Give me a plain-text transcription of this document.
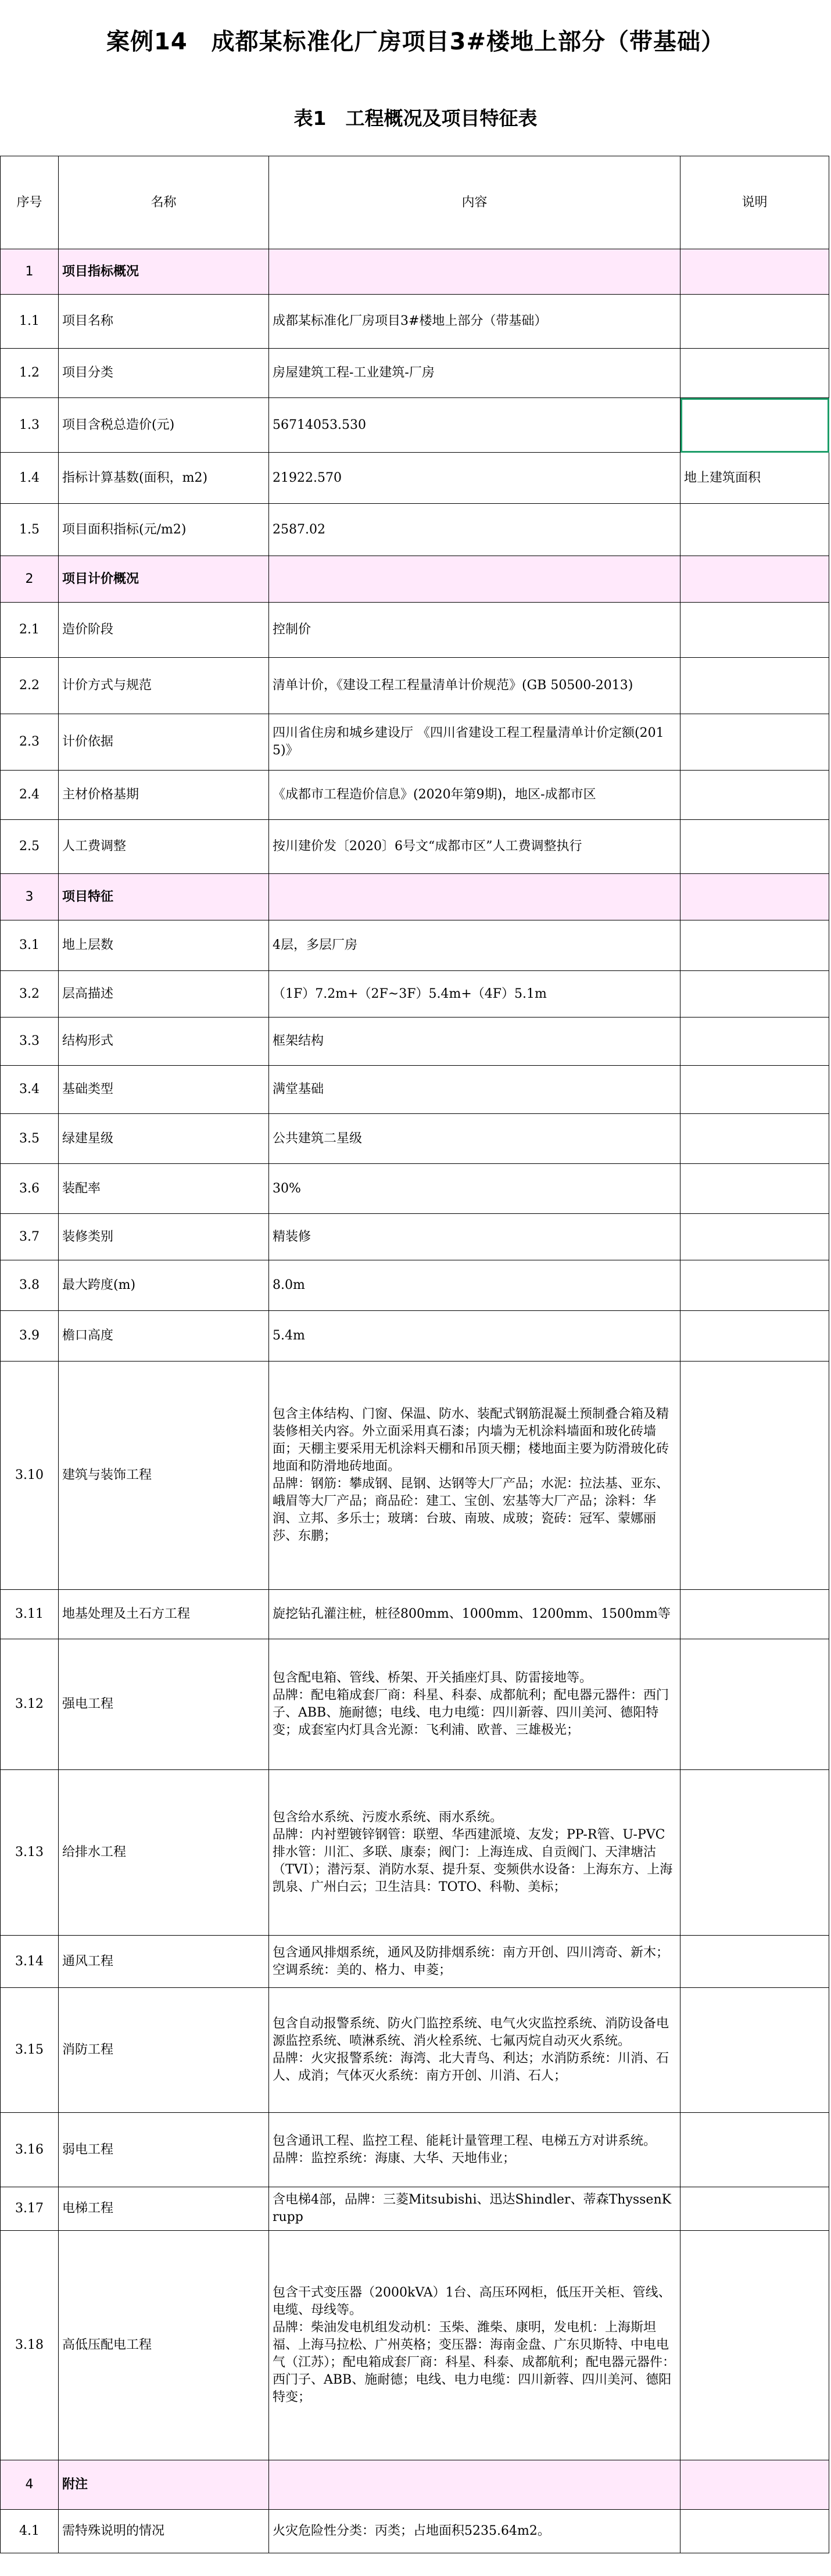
案例14　成都某标准化厂房项目3#楼地上部分（带基础）
表1　工程概况及项目特征表
序号	名称	内容	说明
1	项目指标概况		
1.1	项目名称	成都某标准化厂房项目3#楼地上部分（带基础）	
1.2	项目分类	房屋建筑工程-工业建筑-厂房	
1.3	项目含税总造价(元)	56714053.530	
1.4	指标计算基数(面积，m2)	21922.570	地上建筑面积
1.5	项目面积指标(元/m2)	2587.02	
2	项目计价概况		
2.1	造价阶段	控制价	
2.2	计价方式与规范	清单计价，《建设工程工程量清单计价规范》(GB 50500-2013)	
2.3	计价依据	四川省住房和城乡建设厅 《四川省建设工程工程量清单计价定额(2015)》	
2.4	主材价格基期	《成都市工程造价信息》(2020年第9期)，地区-成都市区	
2.5	人工费调整	按川建价发〔2020〕6号文“成都市区”人工费调整执行	
3	项目特征		
3.1	地上层数	4层，多层厂房	
3.2	层高描述	（1F）7.2m+（2F~3F）5.4m+（4F）5.1m	
3.3	结构形式	框架结构	
3.4	基础类型	满堂基础	
3.5	绿建星级	公共建筑二星级	
3.6	装配率	30%	
3.7	装修类别	精装修	
3.8	最大跨度(m)	8.0m	
3.9	檐口高度	5.4m	
3.10	建筑与装饰工程	包含主体结构、门窗、保温、防水、装配式钢筋混凝土预制叠合箱及精装修相关内容。外立面采用真石漆；内墙为无机涂料墙面和玻化砖墙面；天棚主要采用无机涂料天棚和吊顶天棚；楼地面主要为防滑玻化砖地面和防滑地砖地面。
品牌：钢筋：攀成钢、昆钢、达钢等大厂产品；水泥：拉法基、亚东、峨眉等大厂产品；商品砼：建工、宝创、宏基等大厂产品；涂料：华润、立邦、多乐士；玻璃：台玻、南玻、成玻；瓷砖：冠军、蒙娜丽莎、东鹏；	
3.11	地基处理及土石方工程	旋挖钻孔灌注桩，桩径800mm、1000mm、1200mm、1500mm等	
3.12	强电工程	包含配电箱、管线、桥架、开关插座灯具、防雷接地等。
品牌：配电箱成套厂商：科星、科泰、成都航利；配电器元器件：西门子、ABB、施耐德；电线、电力电缆：四川新蓉、四川美河、德阳特变；成套室内灯具含光源：飞利浦、欧普、三雄极光；	
3.13	给排水工程	包含给水系统、污废水系统、雨水系统。
品牌：内衬塑镀锌钢管：联塑、华西建派境、友发；PP-R管、U-PVC排水管：川汇、多联、康泰；阀门：上海连成、自贡阀门、天津塘沽（TVI）；潜污泵、消防水泵、提升泵、变频供水设备：上海东方、上海凯泉、广州白云；卫生洁具：TOTO、科勒、美标；	
3.14	通风工程	包含通风排烟系统，通风及防排烟系统：南方开创、四川湾奇、新木；空调系统：美的、格力、申菱；	
3.15	消防工程	包含自动报警系统、防火门监控系统、电气火灾监控系统、消防设备电源监控系统、喷淋系统、消火栓系统、七氟丙烷自动灭火系统。
品牌：火灾报警系统：海湾、北大青鸟、利达；水消防系统：川消、石人、成消；气体灭火系统：南方开创、川消、石人；	
3.16	弱电工程	包含通讯工程、监控工程、能耗计量管理工程、电梯五方对讲系统。
品牌：监控系统：海康、大华、天地伟业；	
3.17	电梯工程	含电梯4部，品牌：三菱Mitsubishi、迅达Shindler、蒂森ThyssenKrupp	
3.18	高低压配电工程	包含干式变压器（2000kVA）1台、高压环网柜，低压开关柜、管线、电缆、母线等。
品牌：柴油发电机组发动机：玉柴、潍柴、康明，发电机：上海斯坦福、上海马拉松、广州英格；变压器：海南金盘、广东贝斯特、中电电气（江苏）；配电箱成套厂商：科星、科泰、成都航利；配电器元器件：西门子、ABB、施耐德；电线、电力电缆：四川新蓉、四川美河、德阳特变；	
4	附注		
4.1	需特殊说明的情况	火灾危险性分类：丙类；占地面积5235.64m2。	
